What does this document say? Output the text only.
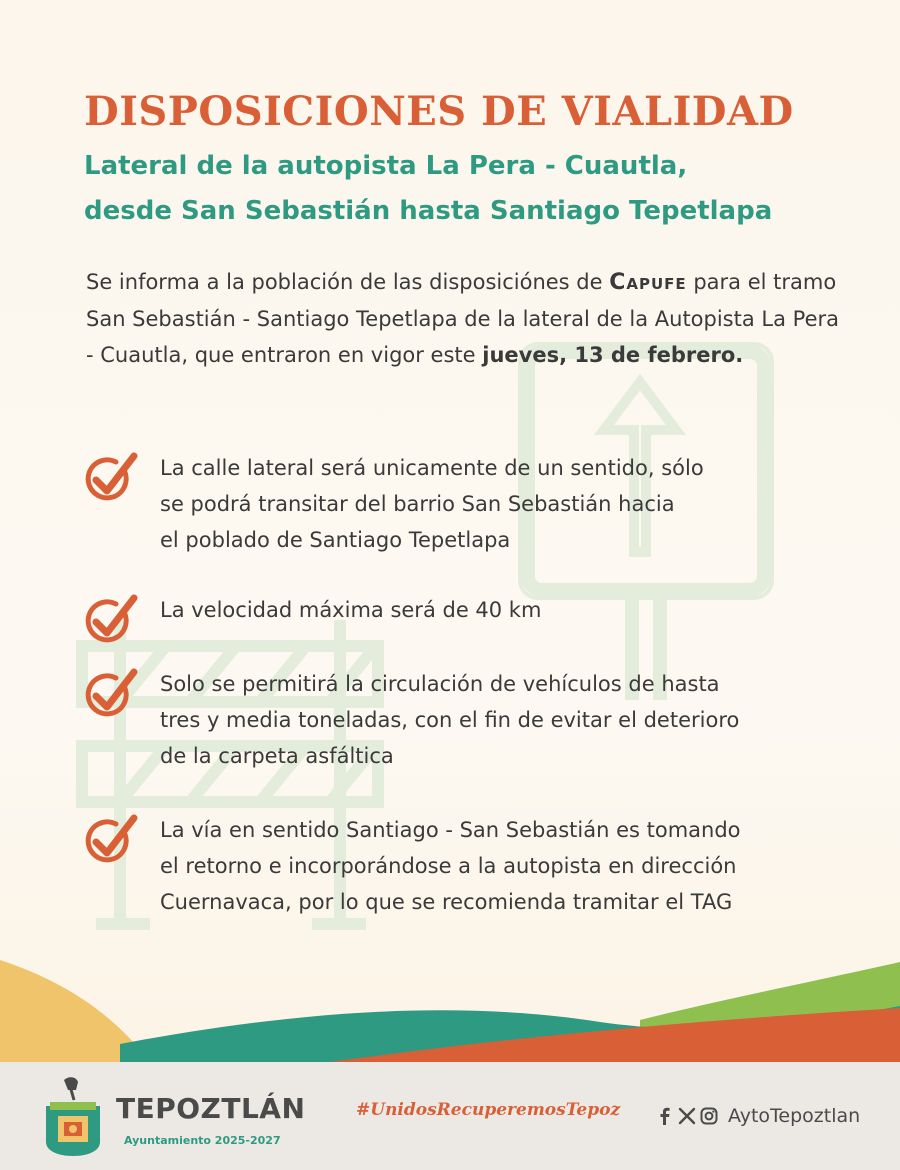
DISPOSICIONES DE VIALIDAD
Lateral de la autopista La Pera - Cuautla,
desde San Sebastián hasta Santiago Tepetlapa

Se informa a la población de las disposiciónes de Capufe para el tramo San Sebastián - Santiago Tepetlapa de la lateral de la Autopista La Pera - Cuautla, que entraron en vigor este jueves, 13 de febrero.

La calle lateral será unicamente de un sentido, sólo
se podrá transitar del barrio San Sebastián hacia
el poblado de Santiago Tepetlapa

La velocidad máxima será de 40 km

Solo se permitirá la circulación de vehículos de hasta
tres y media toneladas, con el fin de evitar el deterioro
de la carpeta asfáltica

La vía en sentido Santiago - San Sebastián es tomando
el retorno e incorporándose a la autopista en dirección
Cuernavaca, por lo que se recomienda tramitar el TAG

TEPOZTLÁN

Ayuntamiento 2025-2027

#UnidosRecuperemosTepoz	AytoTepoztlan
